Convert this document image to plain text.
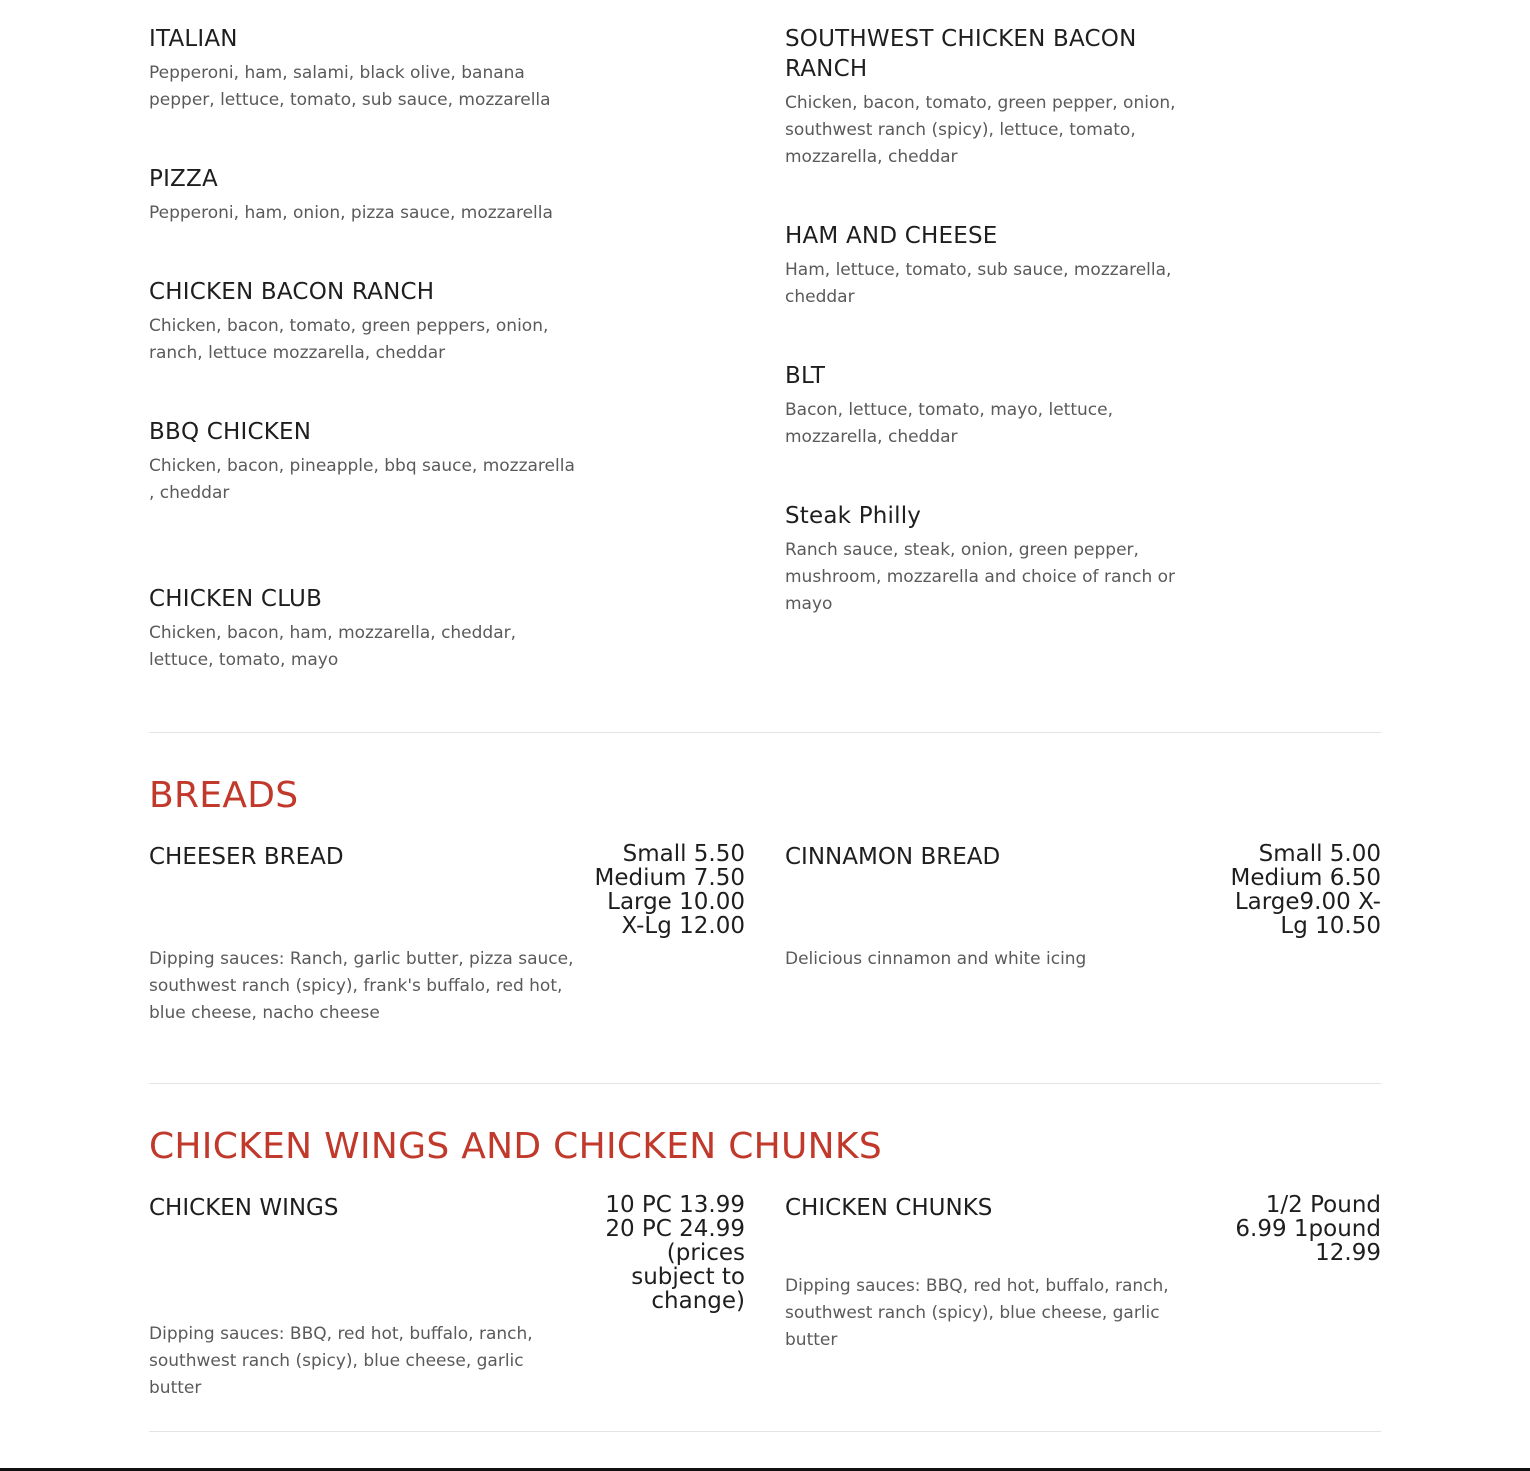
ITALIAN
Pepperoni, ham, salami, black olive, banana pepper, lettuce, tomato, sub sauce, mozzarella
PIZZA
Pepperoni, ham, onion, pizza sauce, mozzarella
CHICKEN BACON RANCH
Chicken, bacon, tomato, green peppers, onion, ranch, lettuce mozzarella, cheddar
BBQ CHICKEN
Chicken, bacon, pineapple, bbq sauce, mozzarella , cheddar
CHICKEN CLUB
Chicken, bacon, ham, mozzarella, cheddar, lettuce, tomato, mayo
SOUTHWEST CHICKEN BACON RANCH
Chicken, bacon, tomato, green pepper, onion, southwest ranch (spicy), lettuce, tomato, mozzarella, cheddar
HAM AND CHEESE
Ham, lettuce, tomato, sub sauce, mozzarella, cheddar
BLT
Bacon, lettuce, tomato, mayo, lettuce, mozzarella, cheddar
Steak Philly
Ranch sauce, steak, onion, green pepper, mushroom, mozzarella and choice of ranch or mayo
BREADS
CHEESER BREAD	Small 5.50
Medium 7.50
Large 10.00
X-Lg 12.00
Dipping sauces: Ranch, garlic butter, pizza sauce, southwest ranch (spicy), frank's buffalo, red hot, blue cheese, nacho cheese
CINNAMON BREAD	Small 5.00
Medium 6.50
Large9.00 X-
Lg 10.50
Delicious cinnamon and white icing
CHICKEN WINGS AND CHICKEN CHUNKS
CHICKEN WINGS	10 PC 13.99
20 PC 24.99
(prices
subject to
change)
Dipping sauces: BBQ, red hot, buffalo, ranch, southwest ranch (spicy), blue cheese, garlic butter
CHICKEN CHUNKS	1/2 Pound
6.99 1pound
12.99
Dipping sauces: BBQ, red hot, buffalo, ranch, southwest ranch (spicy), blue cheese, garlic butter
